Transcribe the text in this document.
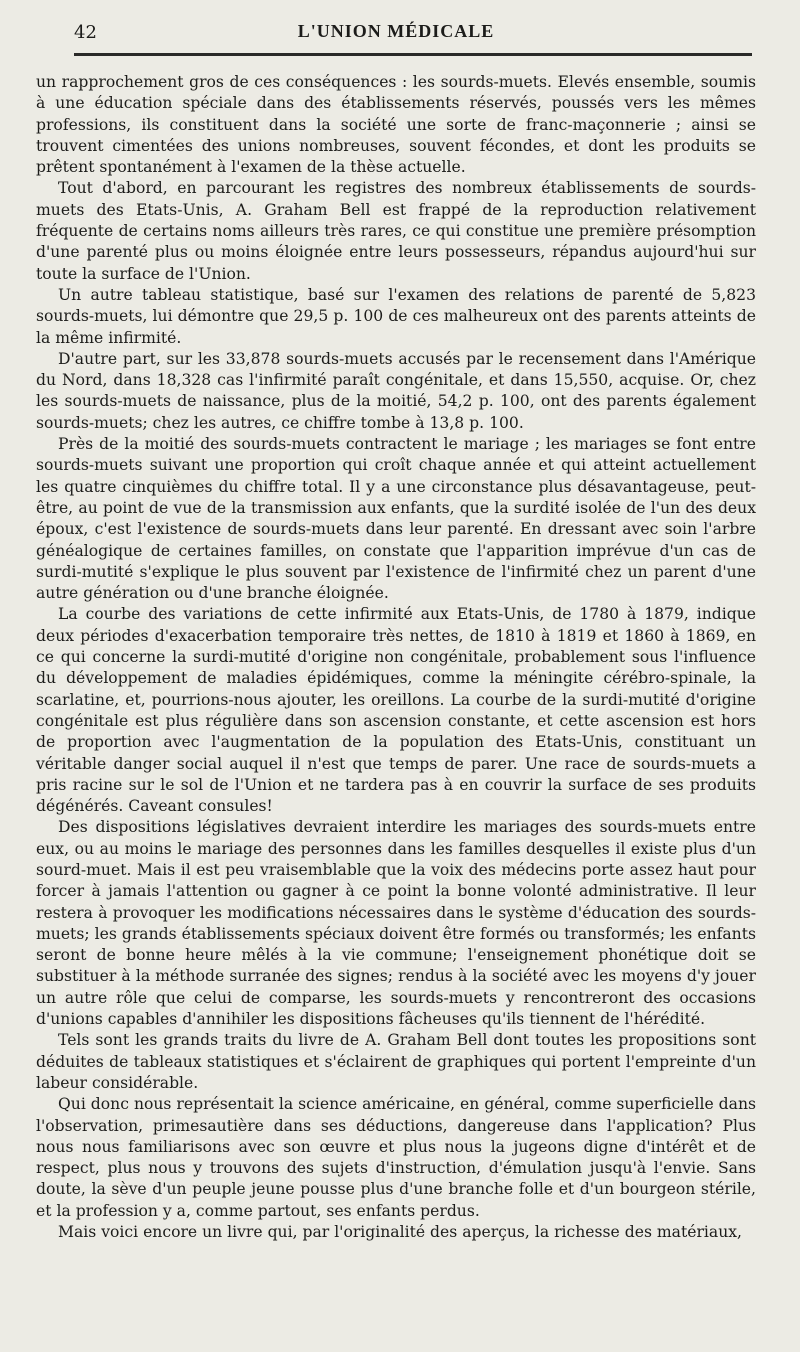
42	L'UNION MÉDICALE

un rapprochement gros de ces conséquences : les sourds-muets. Elevés ensemble, soumis à une éducation spéciale dans des établissements réservés, poussés vers les mêmes professions, ils constituent dans la société une sorte de franc-maçonnerie ; ainsi se trouvent cimentées des unions nombreuses, souvent fécondes, et dont les produits se prêtent spontanément à l'examen de la thèse actuelle.

Tout d'abord, en parcourant les registres des nombreux établissements de sourds-muets des Etats-Unis, A. Graham Bell est frappé de la reproduction relativement fréquente de certains noms ailleurs très rares, ce qui constitue une première présomption d'une parenté plus ou moins éloignée entre leurs possesseurs, répandus aujourd'hui sur toute la surface de l'Union.

Un autre tableau statistique, basé sur l'examen des relations de parenté de 5,823 sourds-muets, lui démontre que 29,5 p. 100 de ces malheureux ont des parents atteints de la même infirmité.

D'autre part, sur les 33,878 sourds-muets accusés par le recensement dans l'Amérique du Nord, dans 18,328 cas l'infirmité paraît congénitale, et dans 15,550, acquise. Or, chez les sourds-muets de naissance, plus de la moitié, 54,2 p. 100, ont des parents également sourds-muets; chez les autres, ce chiffre tombe à 13,8 p. 100.

Près de la moitié des sourds-muets contractent le mariage ; les mariages se font entre sourds-muets suivant une proportion qui croît chaque année et qui atteint actuellement les quatre cinquièmes du chiffre total. Il y a une circonstance plus désavantageuse, peut-être, au point de vue de la transmission aux enfants, que la surdité isolée de l'un des deux époux, c'est l'existence de sourds-muets dans leur parenté. En dressant avec soin l'arbre généalogique de certaines familles, on constate que l'apparition imprévue d'un cas de surdi-mutité s'explique le plus souvent par l'existence de l'infirmité chez un parent d'une autre génération ou d'une branche éloignée.

La courbe des variations de cette infirmité aux Etats-Unis, de 1780 à 1879, indique deux périodes d'exacerbation temporaire très nettes, de 1810 à 1819 et 1860 à 1869, en ce qui concerne la surdi-mutité d'origine non congénitale, probablement sous l'influence du développement de maladies épidémiques, comme la méningite cérébro-spinale, la scarlatine, et, pourrions-nous ajouter, les oreillons. La courbe de la surdi-mutité d'origine congénitale est plus régulière dans son ascension constante, et cette ascension est hors de proportion avec l'augmentation de la population des Etats-Unis, constituant un véritable danger social auquel il n'est que temps de parer. Une race de sourds-muets a pris racine sur le sol de l'Union et ne tardera pas à en couvrir la surface de ses produits dégénérés. Caveant consules!

Des dispositions législatives devraient interdire les mariages des sourds-muets entre eux, ou au moins le mariage des personnes dans les familles desquelles il existe plus d'un sourd-muet. Mais il est peu vraisemblable que la voix des médecins porte assez haut pour forcer à jamais l'attention ou gagner à ce point la bonne volonté administrative. Il leur restera à provoquer les modifications nécessaires dans le système d'éducation des sourds-muets; les grands établissements spéciaux doivent être formés ou transformés; les enfants seront de bonne heure mêlés à la vie commune; l'enseignement phonétique doit se substituer à la méthode surranée des signes; rendus à la société avec les moyens d'y jouer un autre rôle que celui de comparse, les sourds-muets y rencontreront des occasions d'unions capables d'annihiler les dispositions fâcheuses qu'ils tiennent de l'hérédité.

Tels sont les grands traits du livre de A. Graham Bell dont toutes les propositions sont déduites de tableaux statistiques et s'éclairent de graphiques qui portent l'empreinte d'un labeur considérable.

Qui donc nous représentait la science américaine, en général, comme superficielle dans l'observation, primesautière dans ses déductions, dangereuse dans l'application? Plus nous nous familiarisons avec son œuvre et plus nous la jugeons digne d'intérêt et de respect, plus nous y trouvons des sujets d'instruction, d'émulation jusqu'à l'envie. Sans doute, la sève d'un peuple jeune pousse plus d'une branche folle et d'un bourgeon stérile, et la profession y a, comme partout, ses enfants perdus.

Mais voici encore un livre qui, par l'originalité des aperçus, la richesse des matériaux,
